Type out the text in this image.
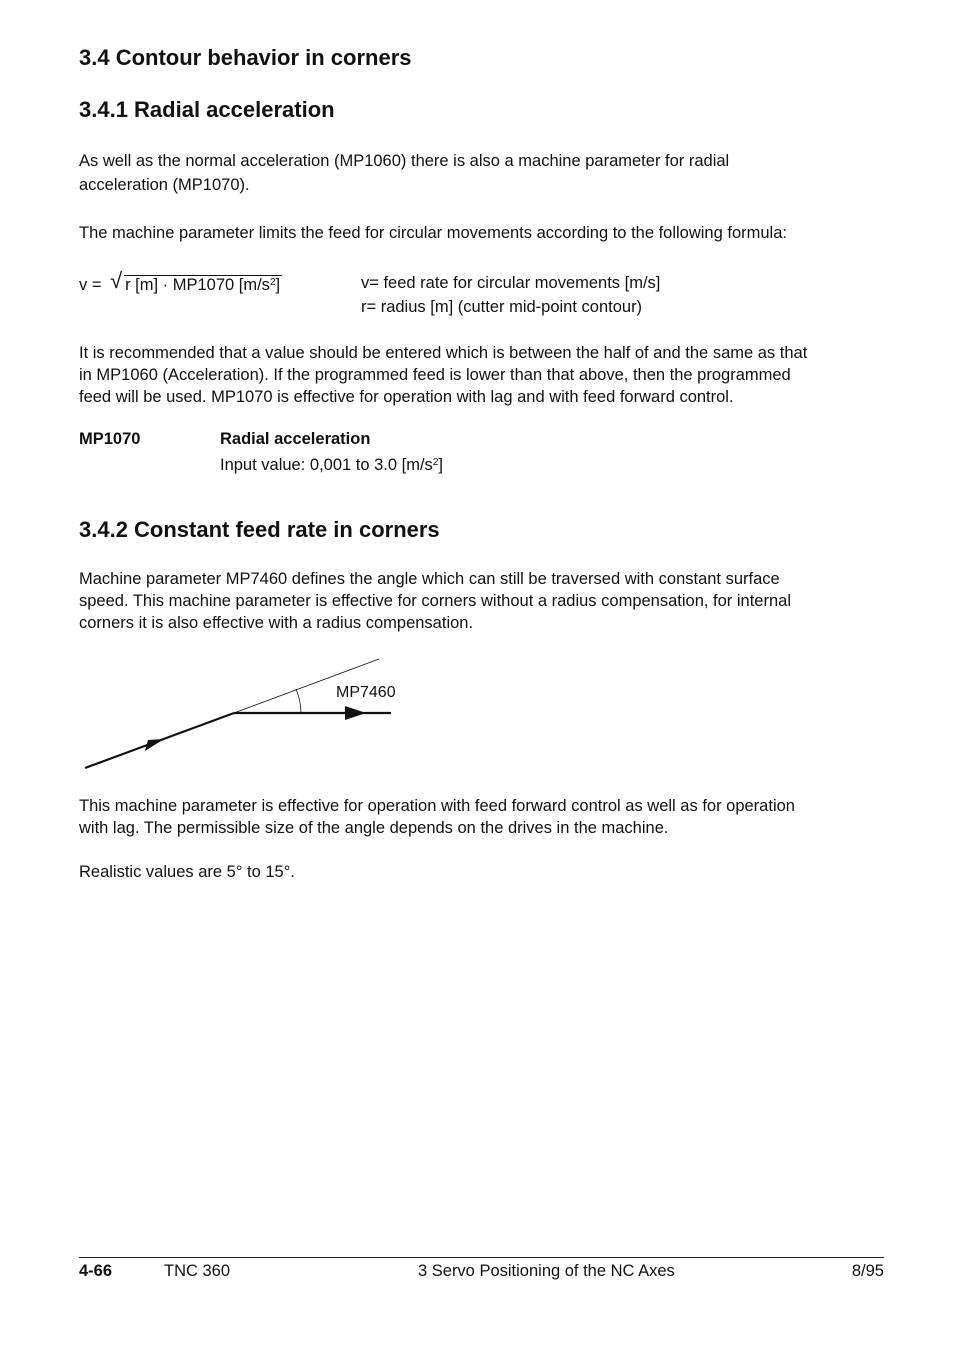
3.4 Contour behavior in corners
3.4.1 Radial acceleration
As well as the normal acceleration (MP1060) there is also a machine parameter for radial
acceleration (MP1070).
The machine parameter limits the feed for circular movements according to the following formula:
v = √ r [m] · MP1070 $[m/s^2]$	v= feed rate for circular movements [m/s]
r= radius [m] (cutter mid-point contour)
It is recommended that a value should be entered which is between the half of and the same as that
in MP1060 (Acceleration). If the programmed feed is lower than that above, then the programmed
feed will be used. MP1070 is effective for operation with lag and with feed forward control.
MP1070	Radial acceleration
Input value: 0,001 to 3.0 $[m/s^2]$
3.4.2 Constant feed rate in corners
Machine parameter MP7460 defines the angle which can still be traversed with constant surface
speed. This machine parameter is effective for corners without a radius compensation, for internal
corners it is also effective with a radius compensation.
MP7460
This machine parameter is effective for operation with feed forward control as well as for operation
with lag. The permissible size of the angle depends on the drives in the machine.
Realistic values are 5° to 15°.
4-66	TNC 360	3 Servo Positioning of the NC Axes	8/95
